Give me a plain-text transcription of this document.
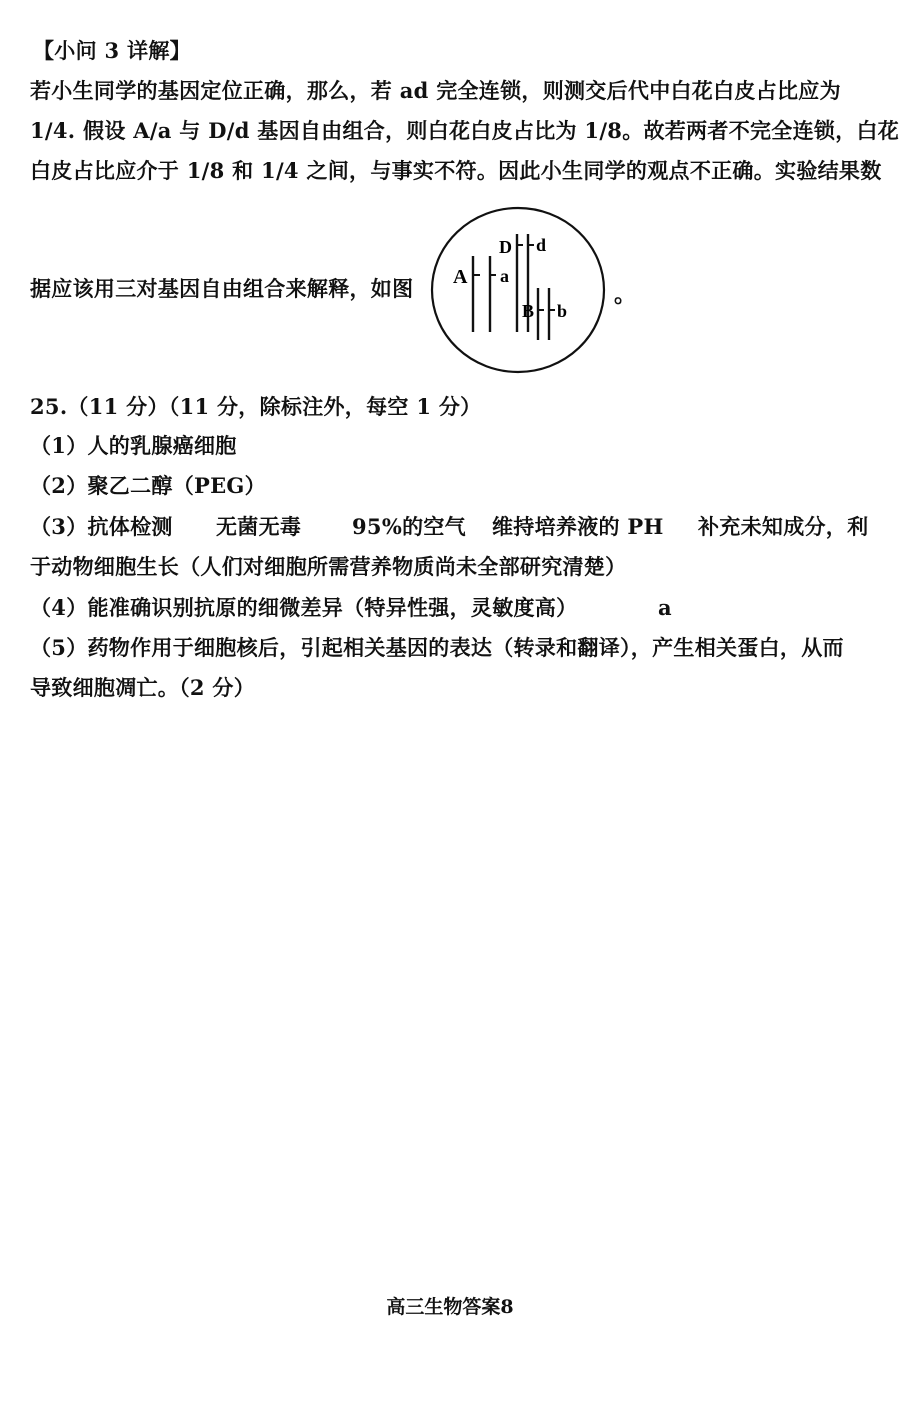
【小问 3 详解】
若小生同学的基因定位正确，那么，若 ad 完全连锁，则测交后代中白花白皮占比应为
1/4. 假设 A/a 与 D/d 基因自由组合，则白花白皮占比为 1/8。故若两者不完全连锁，白花
白皮占比应介于 1/8 和 1/4 之间，与事实不符。因此小生同学的观点不正确。实验结果数
据应该用三对基因自由组合来解释，如图	A a
D d
B b
。
25.（11 分）（11 分，除标注外，每空 1 分）
（1）人的乳腺癌细胞
（2）聚乙二醇（PEG）
（3）抗体检测 无菌无毒 95%的空气 维持培养液的 PH 补充未知成分，利
于动物细胞生长（人们对细胞所需营养物质尚未全部研究清楚）
（4）能准确识别抗原的细微差异（特异性强，灵敏度高）	a
（5）药物作用于细胞核后，引起相关基因的表达（转录和翻译），产生相关蛋白，从而
导致细胞凋亡。（2 分）
高三生物答案8
